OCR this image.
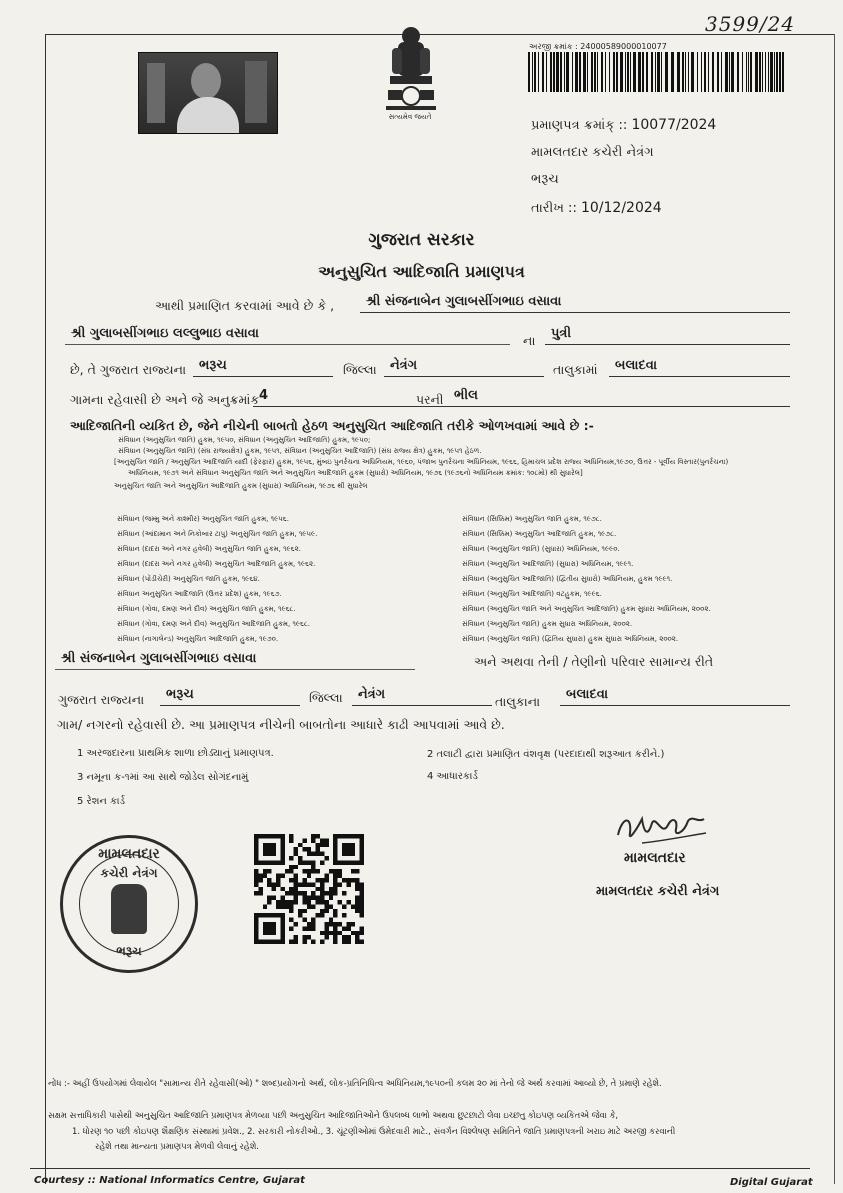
3599/24
સત્યમેવ જયતે
અરજી ક્રમાંક : 24000589000010077
પ્રમાણપત્ર ક્રમાંક્ :: 10077/2024
મામલતદાર કચેરી નેત્રંગ
ભરૂચ
તારીખ :: 10/12/2024
ગુજરાત સરકાર
અનુસુચિત આદિજાતિ પ્રમાણપત્ર
આથી પ્રમાણિત કરવામાં આવે છે કે ,	શ્રી સંજનાબેન ગુલાબસીંગભાઇ વસાવા
શ્રી ગુલાબસીંગભાઇ લલ્લુભાઇ વસાવા	ના	પુત્રી
છે, તે ગુજરાત રાજ્યના ભરૂચ	જિલ્લા	નેત્રંગ	તાલુકામાં	બલાદવા
ગામના રહેવાસી છે અને જે અનુક્રમાંક 4	પરની ભીલ
આદિજાતિની વ્યકિત છે, જેને નીચેની બાબતો હેઠળ અનુસુચિત આદિજાતિ તરીકે ઓળખવામાં આવે છે :-
સંવિધાન (અનુસુચિત જાતિ) હુકમ, ૧૯૫૦, સંવિધાન (અનુસુચિત આદિજાતિ) હુકમ, ૧૯૫૦;
સંવિધાન (અનુસુચિત જાતિ) (સંઘ રાજ્યક્ષેત્ર) હુકમ, ૧૯૫૧, સંવિધાન (અનુસુચિત આદિજાતિ) (સંઘ રાજ્ય ક્ષેત્ર) હુકમ, ૧૯૫૧ હેઠળ.
[અનુસુચિત જાતિ / અનુસુચિત આદિજાતિ યાદી (ફેરફાર) હુકમ, ૧૯૫૬, મુંબઇ પુનર્રચના અધિનિયમ, ૧૯૬૦, પંજાબ પુનર્રચના અધિનિયમ, ૧૯૬૬, હિમાચલ પ્રદેશ રાજ્ય અધિનિયમ,૧૯૭૦, ઉત્તર - પૂર્વીય વિસ્તાર(પુનર્રચના)
અધિનિયમ, ૧૯૭૧ અને સંવિધાન અનુસુચિત જાતિ અને અનુસુચિત આદિજાતિ હુકમ (સુધારો) અધિનિયમ, ૧૯૭૬ (૧૯૭૬નો અધિનિયમ ક્રમાંક: ૧૦૮મો) થી સુધારેલ]
અનુસુચિત જાતિ અને અનુસુચિત આદિજાતિ હુકમ (સુધારા) અધિનિયમ, ૧૯૭૬ થી સુધારેલ
સંવિધાન (જમ્મુ અને કાશ્મીર) અનુસુચિત જાતિ હુકમ, ૧૯૫૬.
સંવિધાન (આંદામાન અને નિકોબાર ટાપુ) અનુસુચિત જાતિ હુકમ, ૧૯૫૯.
સંવિધાન (દાદરા અને નગર હવેલી) અનુસુચિત જાતિ હુકમ, ૧૯૬૨.
સંવિધાન (દાદરા અને નગર હવેલી) અનુસુચિત આદિજાતિ હુકમ, ૧૯૬૨.
સંવિધાન (પોંડીચેરી) અનુસુચિત જાતિ હુકમ, ૧૯૬૪.
સંવિધાન અનુસુચિત આદિજાતિ (ઉત્તર પ્રદેશ) હુકમ, ૧૯૬૭.
સંવિધાન (ગોવા, દમણ અને દીવ) અનુસુચિત જાતિ હુકમ, ૧૯૬૮.
સંવિધાન (ગોવા, દમણ અને દીવ) અનુસુચિત આદિજાતિ હુકમ, ૧૯૬૮.
સંવિધાન (નાગાલેન્ડ) અનુસુચિત આદિજાતિ હુકમ, ૧૯૭૦.
સંવિધાન (સિક્કિમ) અનુસુચિત જાતિ હુકમ, ૧૯૭૮.
સંવિધાન (સિક્કિમ) અનુસુચિત આદિજાતિ હુકમ, ૧૯૭૮.
સંવિધાન (અનુસુચિત જાતિ) (સુધારા) અધિનિયમ, ૧૯૯૦.
સંવિધાન (અનુસુચિત આદિજાતિ) (સુધારા) અધિનિયમ, ૧૯૯૧.
સંવિધાન (અનુસુચિત આદિજાતિ) (દ્વિતીય સુધારો) અધિનિયમ, હુકમ ૧૯૯૧.
સંવિધાન (અનુસુચિત આદિજાતિ) વટહુકમ, ૧૯૯૬.
સંવિધાન (અનુસુચિત જાતિ અને અનુસુચિત આદિજાતિ) હુકમ સુધારા અધિનિયમ, ૨૦૦૨.
સંવિધાન (અનુસુચિત જાતિ) હુકમ સુધારા અધિનિયમ, ૨૦૦૨.
સંવિધાન (અનુસુચિત જાતિ) (દ્વિતિય સુધારા) હુકમ સુધારા અધિનિયમ, ૨૦૦૨.
શ્રી સંજનાબેન ગુલાબસીંગભાઇ વસાવા	અને અથવા તેની / તેણીનો પરિવાર સામાન્ય રીતે
ગુજરાત રાજ્યના	ભરૂચ	જિલ્લા	નેત્રંગ	તાલુકાના	બલાદવા
ગામ/ નગરનો રહેવાસી છે. આ પ્રમાણપત્ર નીચેની બાબતોના આધારે કાઢી આપવામાં આવે છે.
1 અરજદારના પ્રાથમિક શાળા છોડ્યાનું પ્રમાણપત્ર.	2 તલાટી દ્વારા પ્રમાણિત વંશવૃક્ષ (પરદાદાથી શરૂઆત કરીને.)
3 નમૂના ક-૧માં આ સાથે જોડેલ સોગંદનામું	4 આધારકાર્ડ
5 રેશન કાર્ડ
મામલતદાર
કચેરી નેત્રંગ
ભરૂચ
મામલતદાર
મામલતદાર કચેરી નેત્રંગ
નોંધ :- અહીં ઉપયોગમાં લેવાયેલ "સામાન્ય રીતે રહેવાસી(ઓ) " શબ્દપ્રયોગનો અર્થ, લોક-પ્રતિનિધિત્વ અધિનિયમ,૧૯૫૦ની કલમ ૨૦ માં તેનો જે અર્થ કરવામાં આવ્યો છે, તે પ્રમાણે રહેશે.
સક્ષમ સત્તાધિકારી પાસેથી અનુસુચિત આદિજાતિ પ્રમાણપત્ર મેળવ્યા પછી અનુસુચિત આદિજાતિઓને ઉપલબ્ધ લાભો અથવા છુટછાટો લેવા ઇચ્છતુ કોઇપણ વ્યકિતએ જેવા કે,
1. ધોરણ ૧૦ પછી કોઇપણ શૈક્ષણિક સંસ્થામાં પ્રવેશ., 2. સરકારી નોકરીઓ., 3. ચૂંટણીઓમાં ઉમેદવારી માટે., સંવર્ગન વિશ્લેષણ સમિતિને જાતિ પ્રમાણપત્રની ખરાઇ માટે અરજી કરવાની
રહેશે તથા માન્યતા પ્રમાણપત્ર મેળવી લેવાનું રહેશે.
Courtesy :: National Informatics Centre, Gujarat	Digital Gujarat
